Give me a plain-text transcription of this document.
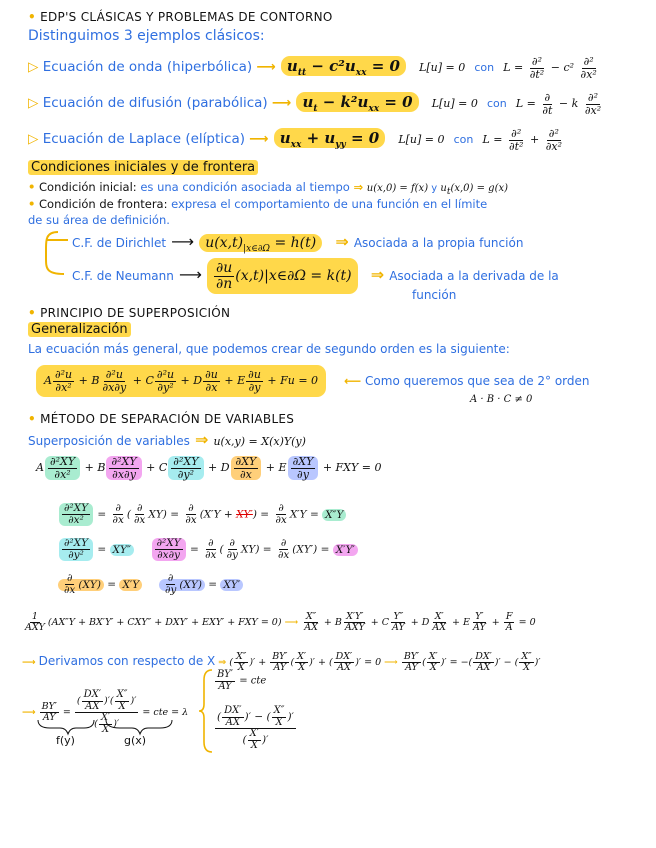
• EDP'S CLÁSICAS Y PROBLEMAS DE CONTORNO
Distinguimos 3 ejemplos clásicos:
▷ Ecuación de onda (hiperbólica) ⟶ $u_{tt} - c^2u_{xx} = 0$ L[u] = 0 con $L = \frac{\text{∂²}}{\text{∂t²}} - c^2 \frac{\text{∂²}}{\text{∂x²}}$
▷ Ecuación de difusión (parabólica) ⟶ $u_t - k^2u_{xx} = 0$ L[u] = 0 con $L = \frac{\partial}{\partial t} - k \frac{\text{∂²}}{\text{∂x²}}$
▷ Ecuación de Laplace (elíptica) ⟶ $u_{xx} + u_{yy} = 0$ L[u] = 0 con $L = \frac{\text{∂²}}{\text{∂t²}} + \frac{\text{∂²}}{\text{∂x²}}$
Condiciones iniciales y de frontera
• Condición inicial: es una condición asociada al tiempo ⇒ u(x,0) = f(x) y $u_t(x,0) = g(x)$
• Condición de frontera: expresa el comportamiento de una función en el límite
de su área de definición.
C.F. de Dirichlet ⟶ $u(x,t)_{|x\in\partial\Omega} = h(t)$ ⇒ Asociada a la propia función
C.F. de Neumann ⟶ $\frac{\partial u}{\partial n}$ (x,t)|x∈∂Ω = k(t) ⇒ Asociada a la derivada de la
función
• PRINCIPIO DE SUPERPOSICIÓN
Generalización
La ecuación más general, que podemos crear de segundo orden es la siguiente:
A $\frac{\text{∂²u}}{\text{∂x²}} + B \frac{\text{∂²u}}{\partial x\partial y} + C \frac{\text{∂²u}}{\text{∂y²}} + D \frac{\partial u}{\partial x} + E \frac{\partial u}{\partial y} + Fu = 0$	⟵ Como queremos que sea de 2° orden
A · B · C ≠ 0
• MÉTODO DE SEPARACIÓN DE VARIABLES
Superposición de variables ⇒ u(x,y) = X(x)Y(y)
A $\frac{\text{∂²XY}}{\text{∂x²}} + B \frac{\text{∂²XY}}{\partial x\partial y} + C \frac{\text{∂²XY}}{\text{∂y²}} + D \frac{\partial XY}{\partial x} + E \frac{\partial XY}{\partial y}$ + FXY = 0
$\frac{\text{∂²XY}}{\text{∂x²}} = \frac{\partial}{\partial x}$ ( $\frac{\partial}{\partial x} XY) = \frac{\partial}{\partial x} (X'Y + XY') = \frac{\partial}{\partial x} X'Y = X''Y$
$\frac{\text{∂²XY}}{\text{∂y²}} = XY'' \frac{\text{∂²XY}}{\partial x\partial y} = \frac{\partial}{\partial x}$ ( $\frac{\partial}{\partial y} XY) = \frac{\partial}{\partial x} (XY') = X'Y'$
$\frac{\partial}{\partial x} (XY) = X'Y \frac{\partial}{\partial y} (XY) = XY'$
$\frac{1}{\text{AXY}} (AX''Y + BX'Y' + CXY'' + DXY' + EXY'$ + FXY = 0) ⟶ $\frac{X''}{AX} + B \frac{X'Y'}{\text{AXY}} + C \frac{Y''}{AY} + D \frac{X'}{AX} + E \frac{Y'}{AY} + \frac{F}{A} = 0$
⟶ Derivamos con respecto de X ⇒ ( $\frac{X''}{X}$ )′ + $\frac{BY'}{AY}$ ( $\frac{X'}{X}$ )′ + ( $\frac{DX'}{AX}$ )′ = 0 ⟶ $\frac{BY'}{AY}$ ( $\frac{X'}{X}$ )′ = −( $\frac{DX'}{AX}$ )′ − ( $\frac{X''}{X}$ )′
⟶ $\frac{BY'}{AY} = \frac{( \frac{DX'}{AX} )'( \frac{X''}{X} )'}{( \frac{X'}{X} )'}$ = cte = λ
f(y)	g(x)
$\frac{BY'}{AY}$ = cte
$\frac{( \frac{DX'}{AX} )' - ( \frac{X''}{X} )'}{( \frac{X'}{X} )'}$
